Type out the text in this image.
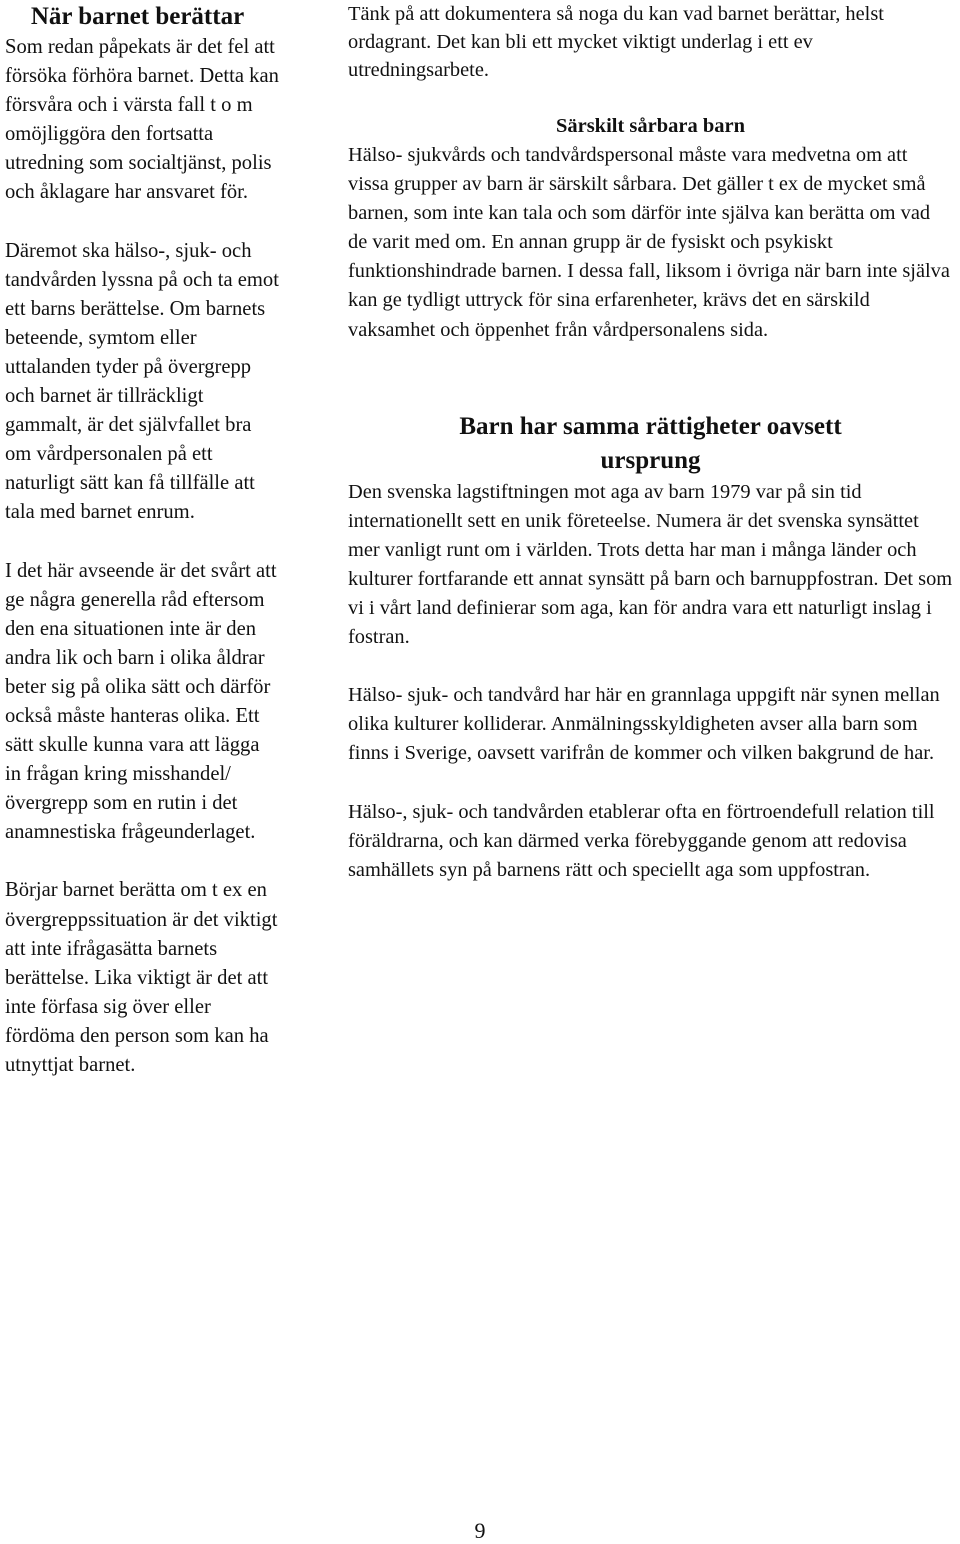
När barnet berättar

Som redan påpekats är det fel att försöka förhöra barnet. Detta kan försvåra och i värsta fall t o m omöjliggöra den fortsatta utredning som socialtjänst, polis och åklagare har ansvaret för.

Däremot ska hälso-, sjuk- och tandvården lyssna på och ta emot ett barns berättelse. Om barnets beteende, symtom eller uttalanden tyder på övergrepp och barnet är tillräckligt gammalt, är det självfallet bra om vårdpersonalen på ett naturligt sätt kan få tillfälle att tala med barnet enrum.

I det här avseende är det svårt att ge några generella råd eftersom den ena situationen inte är den andra lik och barn i olika åldrar beter sig på olika sätt och därför också måste hanteras olika. Ett sätt skulle kunna vara att lägga in frågan kring misshandel/övergrepp som en rutin i det anamnestiska frågeunderlaget.

Börjar barnet berätta om t ex en övergreppssituation är det viktigt att inte ifrågasätta barnets berättelse. Lika viktigt är det att inte förfasa sig över eller fördöma den person som kan ha utnyttjat barnet.

Tänk på att dokumentera så noga du kan vad barnet berättar, helst ordagrant. Det kan bli ett mycket viktigt underlag i ett ev utredningsarbete.

Särskilt sårbara barn

Hälso- sjukvårds och tandvårdspersonal måste vara medvetna om att vissa grupper av barn är särskilt sårbara. Det gäller t ex de mycket små barnen, som inte kan tala och som därför inte själva kan berätta om vad de varit med om. En annan grupp är de fysiskt och psykiskt funktionshindrade barnen. I dessa fall, liksom i övriga när barn inte själva kan ge tydligt uttryck för sina erfarenheter, krävs det en särskild vaksamhet och öppenhet från vårdpersonalens sida.

Barn har samma rättigheter oavsett ursprung

Den svenska lagstiftningen mot aga av barn 1979 var på sin tid internationellt sett en unik företeelse. Numera är det svenska synsättet mer vanligt runt om i världen. Trots detta har man i många länder och kulturer fortfarande ett annat synsätt på barn och barnuppfostran. Det som vi i vårt land definierar som aga, kan för andra vara ett naturligt inslag i fostran.

Hälso- sjuk- och tandvård har här en grannlaga uppgift när synen mellan olika kulturer kolliderar. Anmälningsskyldigheten avser alla barn som finns i Sverige, oavsett varifrån de kommer och vilken bakgrund de har.

Hälso-, sjuk- och tandvården etablerar ofta en förtroendefull relation till föräldrarna, och kan därmed verka förebyggande genom att redovisa samhällets syn på barnens rätt och speciellt aga som uppfostran.

9
